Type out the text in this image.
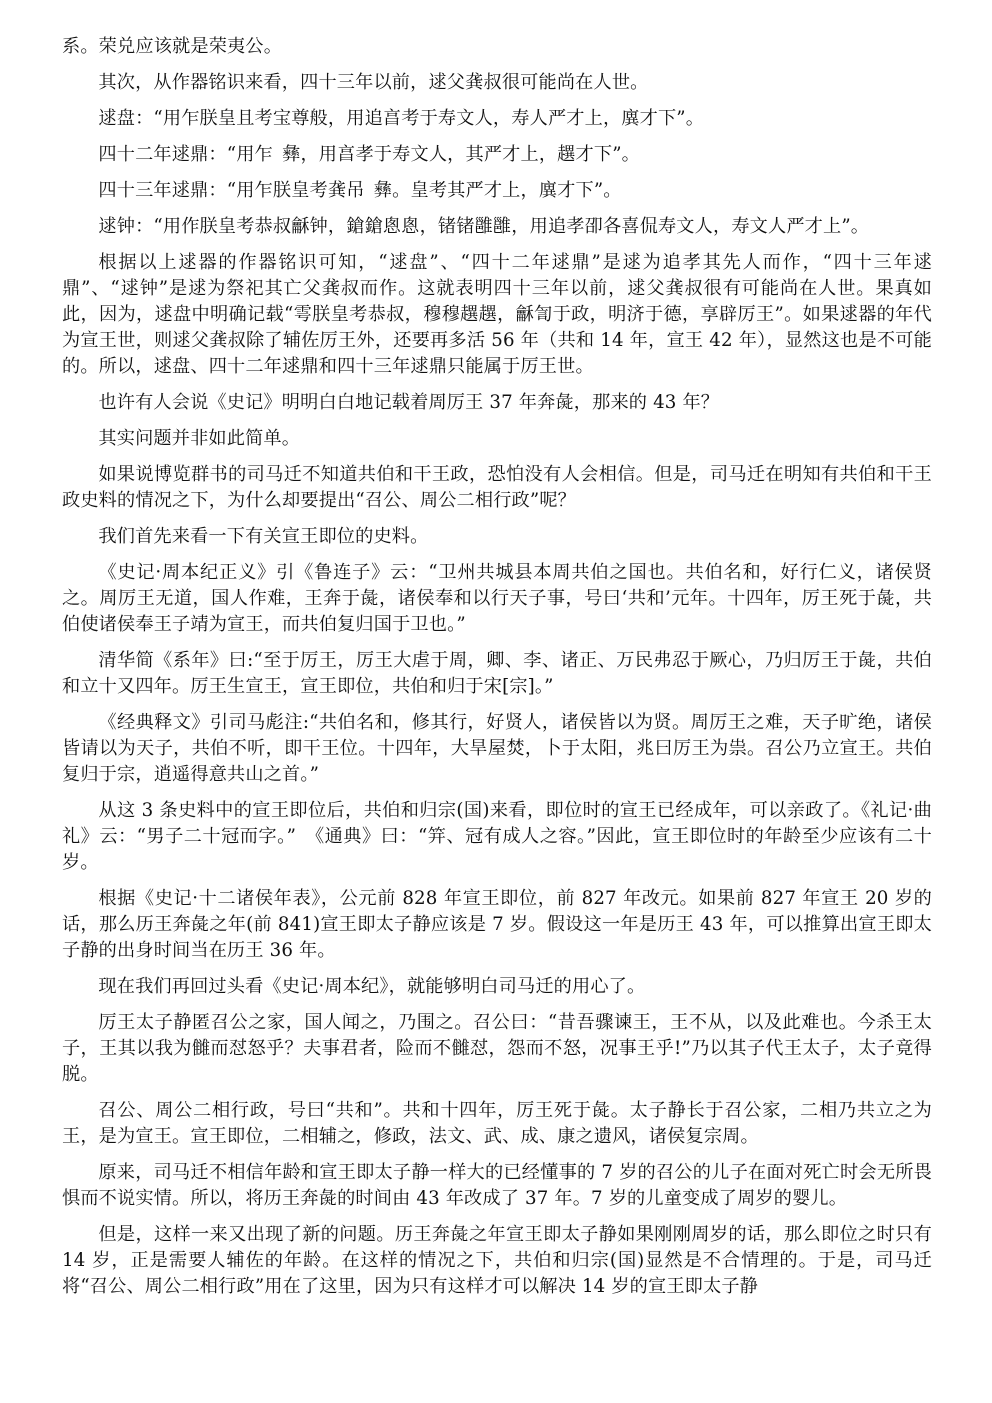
系。荣兑应该就是荣夷公。

其次，从作器铭识来看，四十三年以前，逑父龚叔很可能尚在人世。

逑盘：“用乍朕皇且考宝尊般，用追亯考于寿文人，寿人严才上，廙才下”。

四十二年逑鼎：“用乍 彝，用亯孝于寿文人，其严才上，趩才下”。

四十三年逑鼎：“用乍朕皇考龚吊 彝。皇考其严才上，廙才下”。

逑钟：“用作朕皇考恭叔龢钟，鎗鎗悤悤，锗锗雝雝，用追孝卲各喜侃寿文人，寿文人严才上”。

根据以上逑器的作器铭识可知，“逑盘”、“四十二年逑鼎”是逑为追孝其先人而作，“四十三年逑鼎”、“逑钟”是逑为祭祀其亡父龚叔而作。这就表明四十三年以前，逑父龚叔很有可能尚在人世。果真如此，因为，逑盘中明确记载“雩朕皇考恭叔，穆穆趩趩，龢訇于政，明济于德，享辟厉王”。如果逑器的年代为宣王世，则逑父龚叔除了辅佐厉王外，还要再多活 56 年（共和 14 年，宣王 42 年），显然这也是不可能的。所以，逑盘、四十二年逑鼎和四十三年逑鼎只能属于厉王世。

也许有人会说《史记》明明白白地记载着周厉王 37 年奔彘，那来的 43 年？

其实问题并非如此简单。

如果说博览群书的司马迁不知道共伯和干王政，恐怕没有人会相信。但是，司马迁在明知有共伯和干王政史料的情况之下，为什么却要提出“召公、周公二相行政”呢？

我们首先来看一下有关宣王即位的史料。

《史记·周本纪正义》引《鲁连子》云：“卫州共城县本周共伯之国也。共伯名和，好行仁义，诸侯贤之。周厉王无道，国人作难，王奔于彘，诸侯奉和以行天子事，号曰‘共和’元年。十四年，厉王死于彘，共伯使诸侯奉王子靖为宣王，而共伯复归国于卫也。”

清华简《系年》曰:“至于厉王，厉王大虐于周，卿、李、诸正、万民弗忍于厥心，乃归厉王于彘，共伯和立十又四年。厉王生宣王，宣王即位，共伯和归于宋[宗]。”

《经典释文》引司马彪注:“共伯名和，修其行，好贤人，诸侯皆以为贤。周厉王之难，天子旷绝，诸侯皆请以为天子，共伯不听，即干王位。十四年，大旱屋焚，卜于太阳，兆曰厉王为祟。召公乃立宣王。共伯复归于宗，逍遥得意共山之首。”

从这 3 条史料中的宣王即位后，共伯和归宗(国)来看，即位时的宣王已经成年，可以亲政了。《礼记·曲礼》云：“男子二十冠而字。”　《通典》曰：“笄、冠有成人之容。”因此，宣王即位时的年龄至少应该有二十岁。

根据《史记·十二诸侯年表》，公元前 828 年宣王即位，前 827 年改元。如果前 827 年宣王 20 岁的话，那么历王奔彘之年(前 841)宣王即太子静应该是 7 岁。假设这一年是历王 43 年，可以推算出宣王即太子静的出身时间当在历王 36 年。

现在我们再回过头看《史记·周本纪》，就能够明白司马迁的用心了。

厉王太子静匿召公之家，国人闻之，乃围之。召公曰：“昔吾骤谏王，王不从，以及此难也。今杀王太子，王其以我为雠而怼怒乎？夫事君者，险而不雠怼，怨而不怒，况事王乎!”乃以其子代王太子，太子竟得脱。

召公、周公二相行政，号曰“共和”。共和十四年，厉王死于彘。太子静长于召公家，二相乃共立之为王，是为宣王。宣王即位，二相辅之，修政，法文、武、成、康之遗风，诸侯复宗周。

原来，司马迁不相信年龄和宣王即太子静一样大的已经懂事的 7 岁的召公的儿子在面对死亡时会无所畏惧而不说实情。所以，将历王奔彘的时间由 43 年改成了 37 年。7 岁的儿童变成了周岁的婴儿。

但是，这样一来又出现了新的问题。历王奔彘之年宣王即太子静如果刚刚周岁的话，那么即位之时只有 14 岁，正是需要人辅佐的年龄。在这样的情况之下，共伯和归宗(国)显然是不合情理的。于是，司马迁将“召公、周公二相行政”用在了这里，因为只有这样才可以解决 14 岁的宣王即太子静
